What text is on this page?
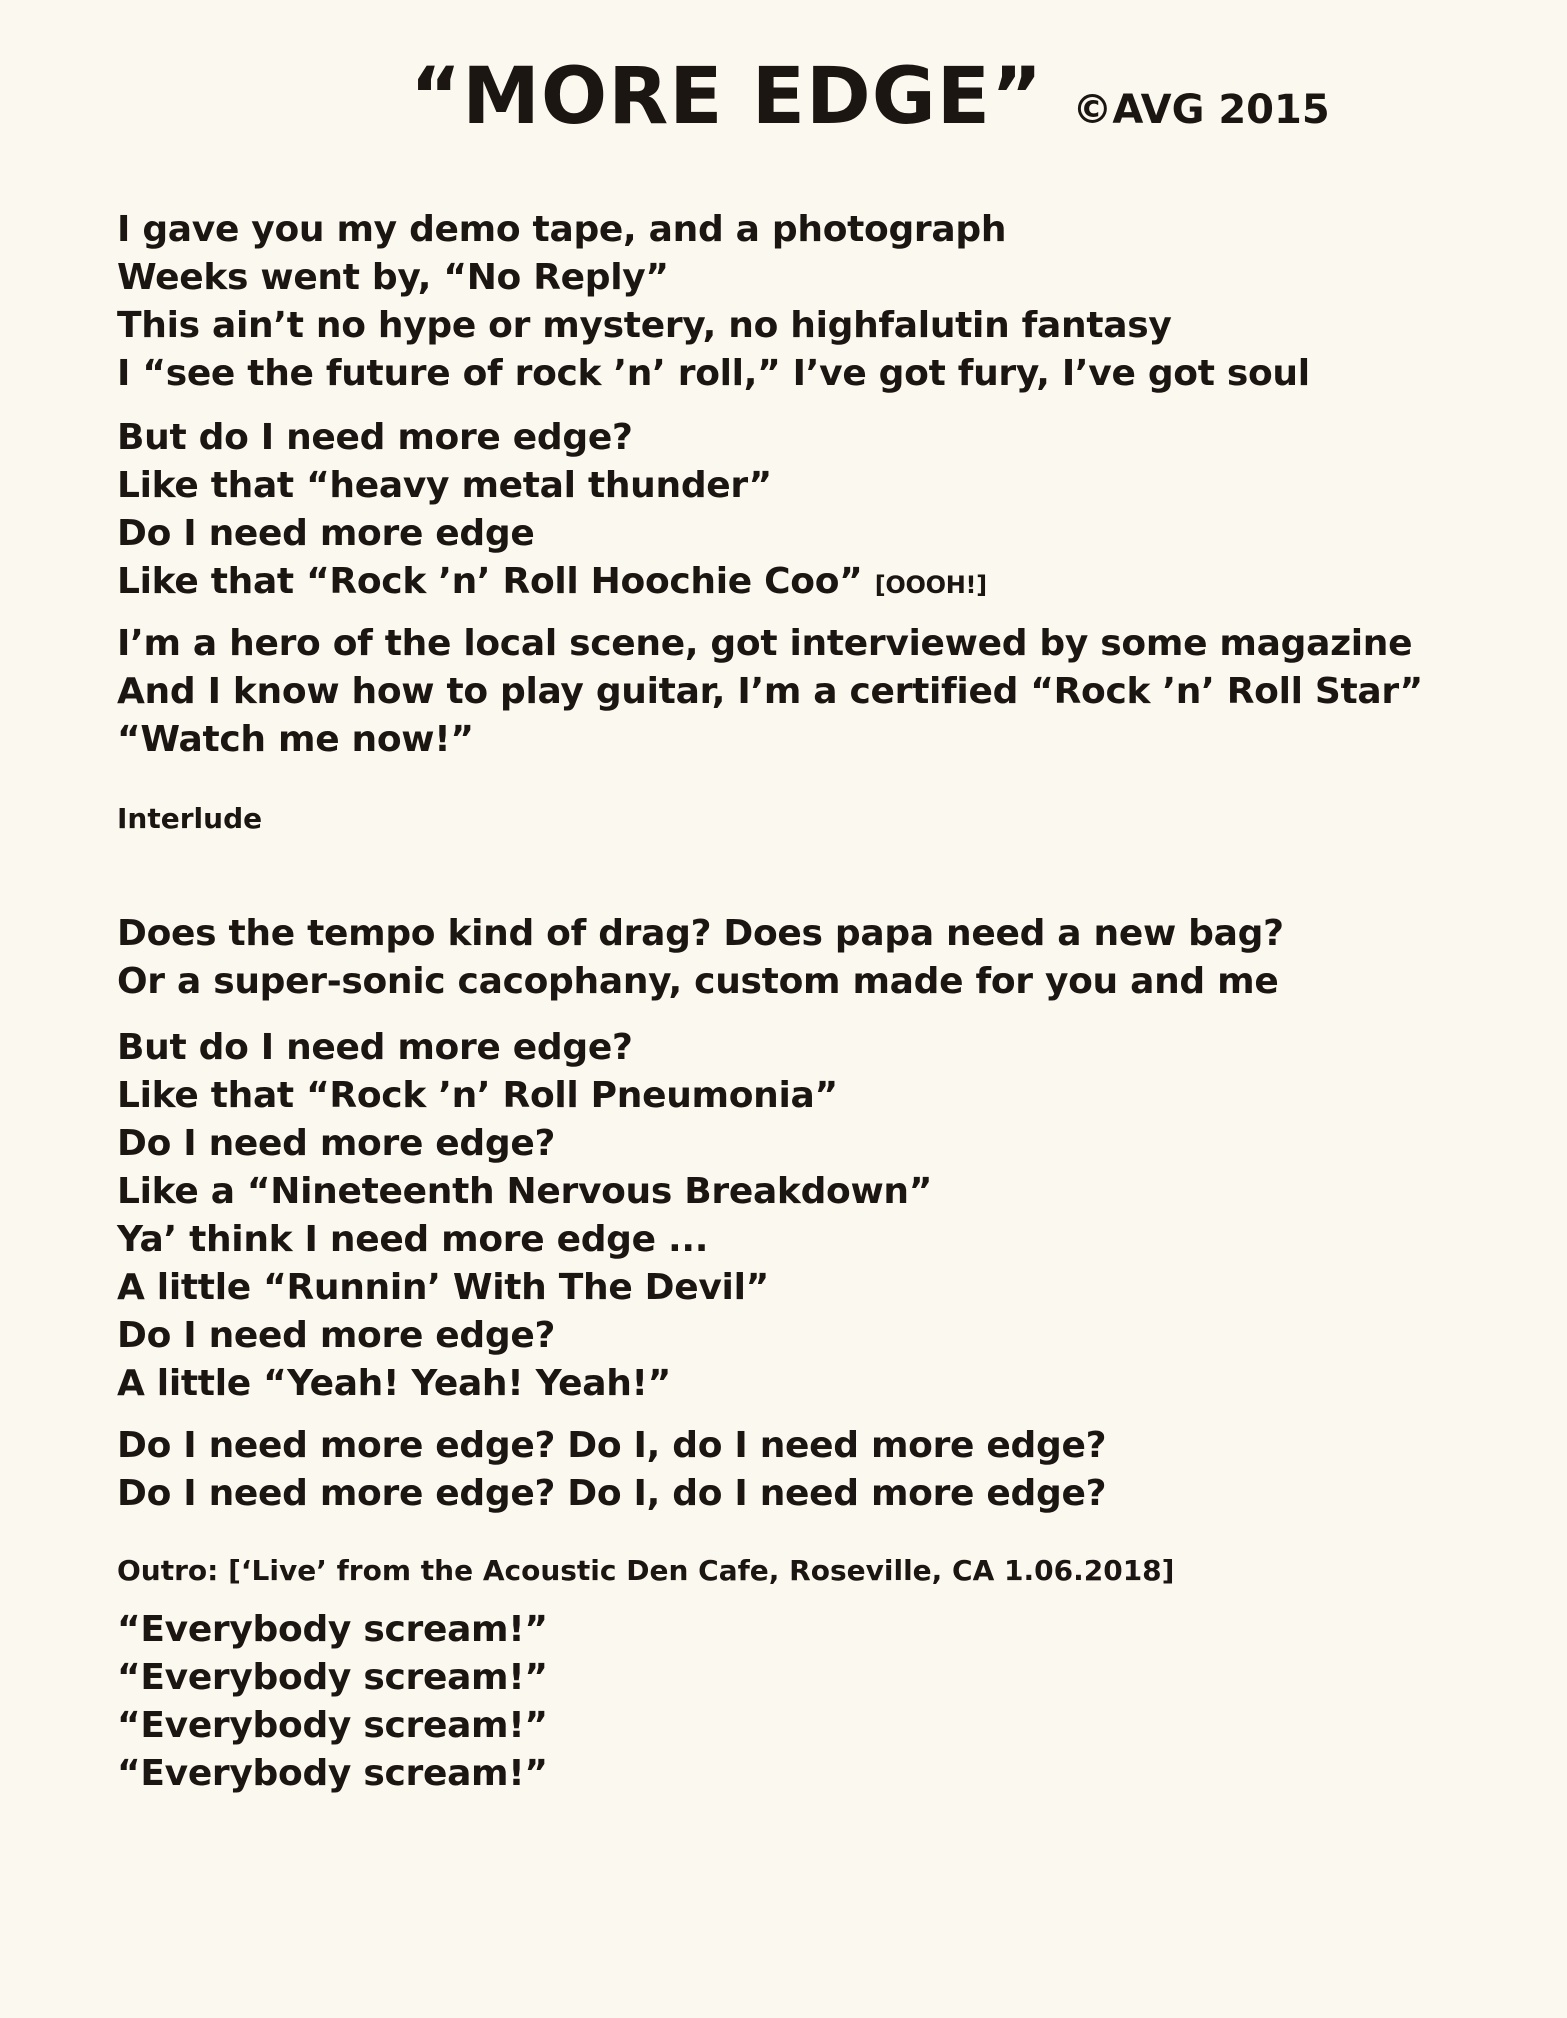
“MORE EDGE” ©AVG 2015
I gave you my demo tape, and a photograph
Weeks went by, “No Reply”
This ain’t no hype or mystery, no highfalutin fantasy
I “see the future of rock ’n’ roll,” I’ve got fury, I’ve got soul
But do I need more edge?
Like that “heavy metal thunder”
Do I need more edge
Like that “Rock ’n’ Roll Hoochie Coo” [OOOH!]
I’m a hero of the local scene, got interviewed by some magazine
And I know how to play guitar, I’m a certified “Rock ’n’ Roll Star”
“Watch me now!”
Interlude
Does the tempo kind of drag? Does papa need a new bag?
Or a super-sonic cacophany, custom made for you and me
But do I need more edge?
Like that “Rock ’n’ Roll Pneumonia”
Do I need more edge?
Like a “Nineteenth Nervous Breakdown”
Ya’ think I need more edge ...
A little “Runnin’ With The Devil”
Do I need more edge?
A little “Yeah! Yeah! Yeah!”
Do I need more edge? Do I, do I need more edge?
Do I need more edge? Do I, do I need more edge?
Outro: [‘Live’ from the Acoustic Den Cafe, Roseville, CA 1.06.2018]
“Everybody scream!”
“Everybody scream!”
“Everybody scream!”
“Everybody scream!”
